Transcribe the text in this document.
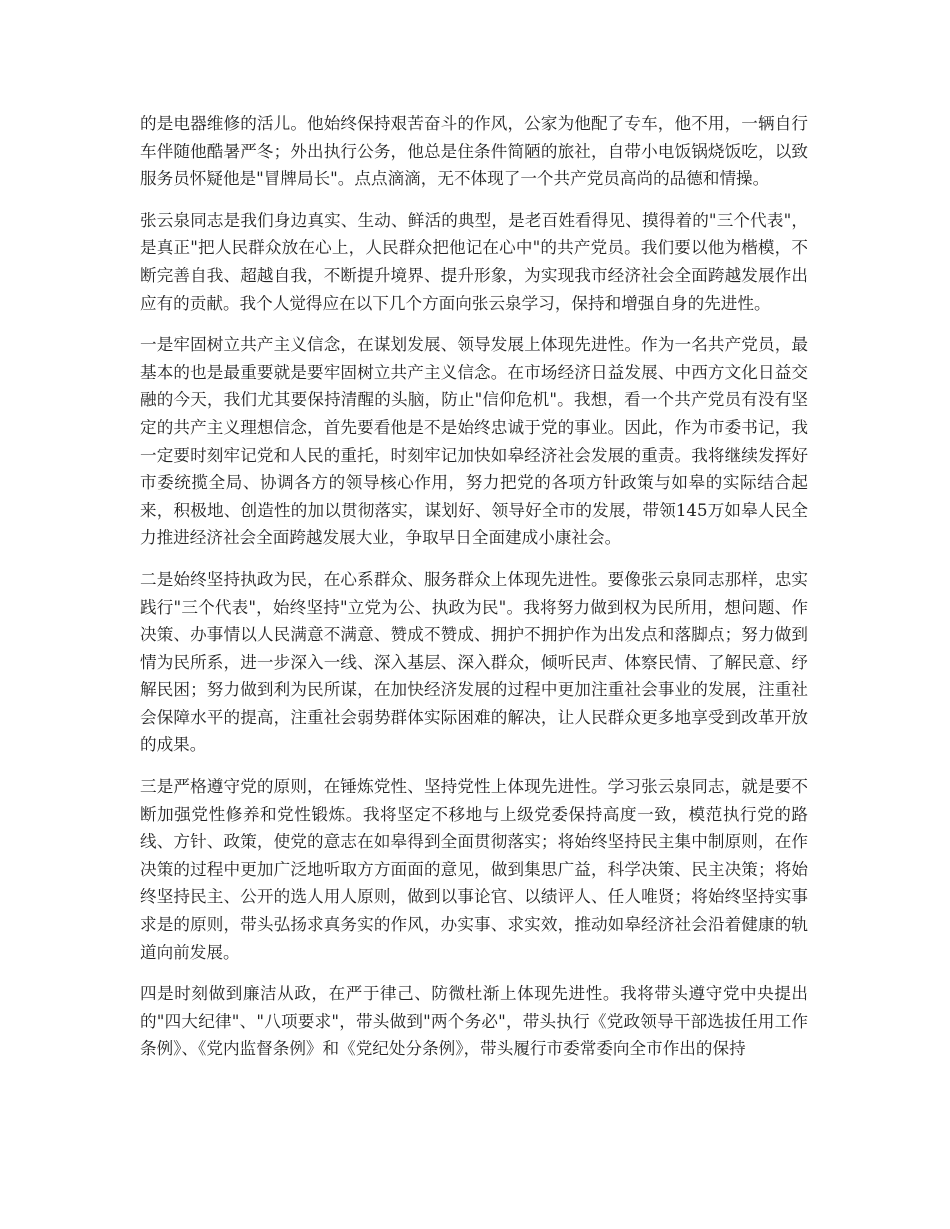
的是电器维修的活儿。他始终保持艰苦奋斗的作风，公家为他配了专车，他不用，一辆自行车伴随他酷暑严冬；外出执行公务，他总是住条件简陋的旅社，自带小电饭锅烧饭吃，以致服务员怀疑他是"冒牌局长"。点点滴滴，无不体现了一个共产党员高尚的品德和情操。

张云泉同志是我们身边真实、生动、鲜活的典型，是老百姓看得见、摸得着的"三个代表"，是真正"把人民群众放在心上，人民群众把他记在心中"的共产党员。我们要以他为楷模，不断完善自我、超越自我，不断提升境界、提升形象，为实现我市经济社会全面跨越发展作出应有的贡献。我个人觉得应在以下几个方面向张云泉学习，保持和增强自身的先进性。

一是牢固树立共产主义信念，在谋划发展、领导发展上体现先进性。作为一名共产党员，最基本的也是最重要就是要牢固树立共产主义信念。在市场经济日益发展、中西方文化日益交融的今天，我们尤其要保持清醒的头脑，防止"信仰危机"。我想，看一个共产党员有没有坚定的共产主义理想信念，首先要看他是不是始终忠诚于党的事业。因此，作为市委书记，我一定要时刻牢记党和人民的重托，时刻牢记加快如皋经济社会发展的重责。我将继续发挥好市委统揽全局、协调各方的领导核心作用，努力把党的各项方针政策与如皋的实际结合起来，积极地、创造性的加以贯彻落实，谋划好、领导好全市的发展，带领145万如皋人民全力推进经济社会全面跨越发展大业，争取早日全面建成小康社会。

二是始终坚持执政为民，在心系群众、服务群众上体现先进性。要像张云泉同志那样，忠实践行"三个代表"，始终坚持"立党为公、执政为民"。我将努力做到权为民所用，想问题、作决策、办事情以人民满意不满意、赞成不赞成、拥护不拥护作为出发点和落脚点；努力做到情为民所系，进一步深入一线、深入基层、深入群众，倾听民声、体察民情、了解民意、纾解民困；努力做到利为民所谋，在加快经济发展的过程中更加注重社会事业的发展，注重社会保障水平的提高，注重社会弱势群体实际困难的解决，让人民群众更多地享受到改革开放的成果。

三是严格遵守党的原则，在锤炼党性、坚持党性上体现先进性。学习张云泉同志，就是要不断加强党性修养和党性锻炼。我将坚定不移地与上级党委保持高度一致，模范执行党的路线、方针、政策，使党的意志在如皋得到全面贯彻落实；将始终坚持民主集中制原则，在作决策的过程中更加广泛地听取方方面面的意见，做到集思广益，科学决策、民主决策；将始终坚持民主、公开的选人用人原则，做到以事论官、以绩评人、任人唯贤；将始终坚持实事求是的原则，带头弘扬求真务实的作风，办实事、求实效，推动如皋经济社会沿着健康的轨道向前发展。

四是时刻做到廉洁从政，在严于律己、防微杜渐上体现先进性。我将带头遵守党中央提出的"四大纪律"、"八项要求"，带头做到"两个务必"，带头执行《党政领导干部选拔任用工作条例》、《党内监督条例》和《党纪处分条例》，带头履行市委常委向全市作出的保持
